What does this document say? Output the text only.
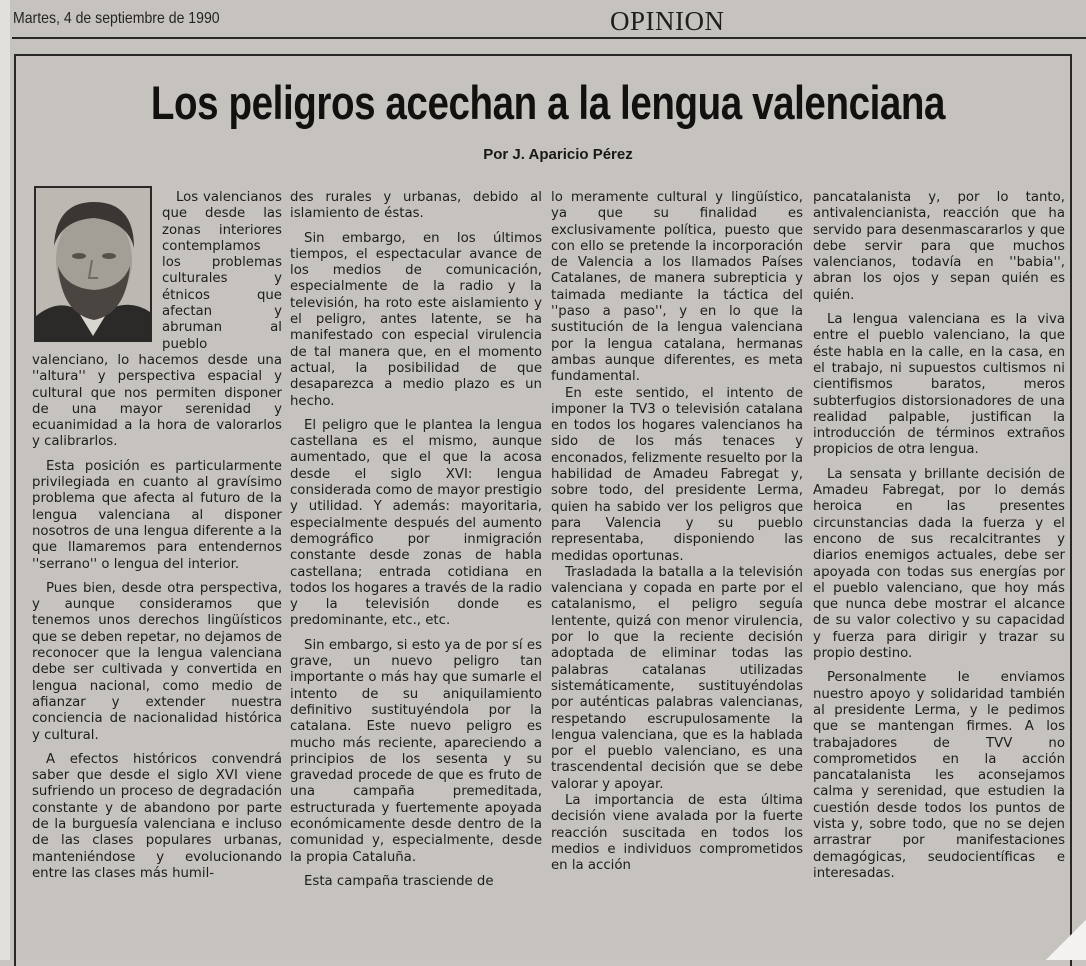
Martes, 4 de septiembre de 1990	OPINION
Los peligros acechan a la lengua valenciana
Por J. Aparicio Pérez

Los valencianos que desde las zonas interiores contemplamos los problemas culturales y étnicos que afectan y abruman al pueblo valenciano, lo hacemos desde una ''altura'' y perspectiva espacial y cultural que nos permiten disponer de una mayor serenidad y ecuanimidad a la hora de valorarlos y calibrarlos.

Esta posición es particularmente privilegiada en cuanto al gravísimo problema que afecta al futuro de la lengua valenciana al disponer nosotros de una lengua diferente a la que llamaremos para entendernos ''serrano'' o lengua del interior.

Pues bien, desde otra perspectiva, y aunque consideramos que tenemos unos derechos lingüísticos que se deben repetar, no dejamos de reconocer que la lengua valenciana debe ser cultivada y convertida en lengua nacional, como medio de afianzar y extender nuestra conciencia de nacionalidad histórica y cultural.

A efectos históricos convendrá saber que desde el siglo XVI viene sufriendo un proceso de degradación constante y de abandono por parte de la burguesía valenciana e incluso de las clases populares urbanas, manteniéndose y evolucionando entre las clases más humil-

des rurales y urbanas, debido al islamiento de éstas.

Sin embargo, en los últimos tiempos, el espectacular avance de los medios de comunicación, especialmente de la radio y la televisión, ha roto este aislamiento y el peligro, antes latente, se ha manifestado con especial virulencia de tal manera que, en el momento actual, la posibilidad de que desaparezca a medio plazo es un hecho.

El peligro que le plantea la lengua castellana es el mismo, aunque aumentado, que el que la acosa desde el siglo XVI: lengua considerada como de mayor prestigio y utilidad. Y además: mayoritaria, especialmente después del aumento demográfico por inmigración constante desde zonas de habla castellana; entrada cotidiana en todos los hogares a través de la radio y la televisión donde es predominante, etc., etc.

Sin embargo, si esto ya de por sí es grave, un nuevo peligro tan importante o más hay que sumarle el intento de su aniquilamiento definitivo sustituyéndola por la catalana. Este nuevo peligro es mucho más reciente, apareciendo a principios de los sesenta y su gravedad procede de que es fruto de una campaña premeditada, estructurada y fuertemente apoyada económicamente desde dentro de la comunidad y, especialmente, desde la propia Cataluña.

Esta campaña trasciende de

lo meramente cultural y lingüístico, ya que su finalidad es exclusivamente política, puesto que con ello se pretende la incorporación de Valencia a los llamados Países Catalanes, de manera subrepticia y taimada mediante la táctica del ''paso a paso'', y en lo que la sustitución de la lengua valenciana por la lengua catalana, hermanas ambas aunque diferentes, es meta fundamental.

En este sentido, el intento de imponer la TV3 o televisión catalana en todos los hogares valencianos ha sido de los más tenaces y enconados, felizmente resuelto por la habilidad de Amadeu Fabregat y, sobre todo, del presidente Lerma, quien ha sabido ver los peligros que para Valencia y su pueblo representaba, disponiendo las medidas oportunas.

Trasladada la batalla a la televisión valenciana y copada en parte por el catalanismo, el peligro seguía lentente, quizá con menor virulencia, por lo que la reciente decisión adoptada de eliminar todas las palabras catalanas utilizadas sistemáticamente, sustituyéndolas por auténticas palabras valencianas, respetando escrupulosamente la lengua valenciana, que es la hablada por el pueblo valenciano, es una trascendental decisión que se debe valorar y apoyar.

La importancia de esta última decisión viene avalada por la fuerte reacción suscitada en todos los medios e individuos comprometidos en la acción

pancatalanista y, por lo tanto, antivalencianista, reacción que ha servido para desenmascararlos y que debe servir para que muchos valencianos, todavía en ''babia'', abran los ojos y sepan quién es quién.

La lengua valenciana es la viva entre el pueblo valenciano, la que éste habla en la calle, en la casa, en el trabajo, ni supuestos cultismos ni cientifismos baratos, meros subterfugios distorsionadores de una realidad palpable, justifican la introducción de términos extraños propicios de otra lengua.

La sensata y brillante decisión de Amadeu Fabregat, por lo demás heroica en las presentes circunstancias dada la fuerza y el encono de sus recalcitrantes y diarios enemigos actuales, debe ser apoyada con todas sus energías por el pueblo valenciano, que hoy más que nunca debe mostrar el alcance de su valor colectivo y su capacidad y fuerza para dirigir y trazar su propio destino.

Personalmente le enviamos nuestro apoyo y solidaridad también al presidente Lerma, y le pedimos que se mantengan firmes. A los trabajadores de TVV no comprometidos en la acción pancatalanista les aconsejamos calma y serenidad, que estudien la cuestión desde todos los puntos de vista y, sobre todo, que no se dejen arrastrar por manifestaciones demagógicas, seudocientíficas e interesadas.
